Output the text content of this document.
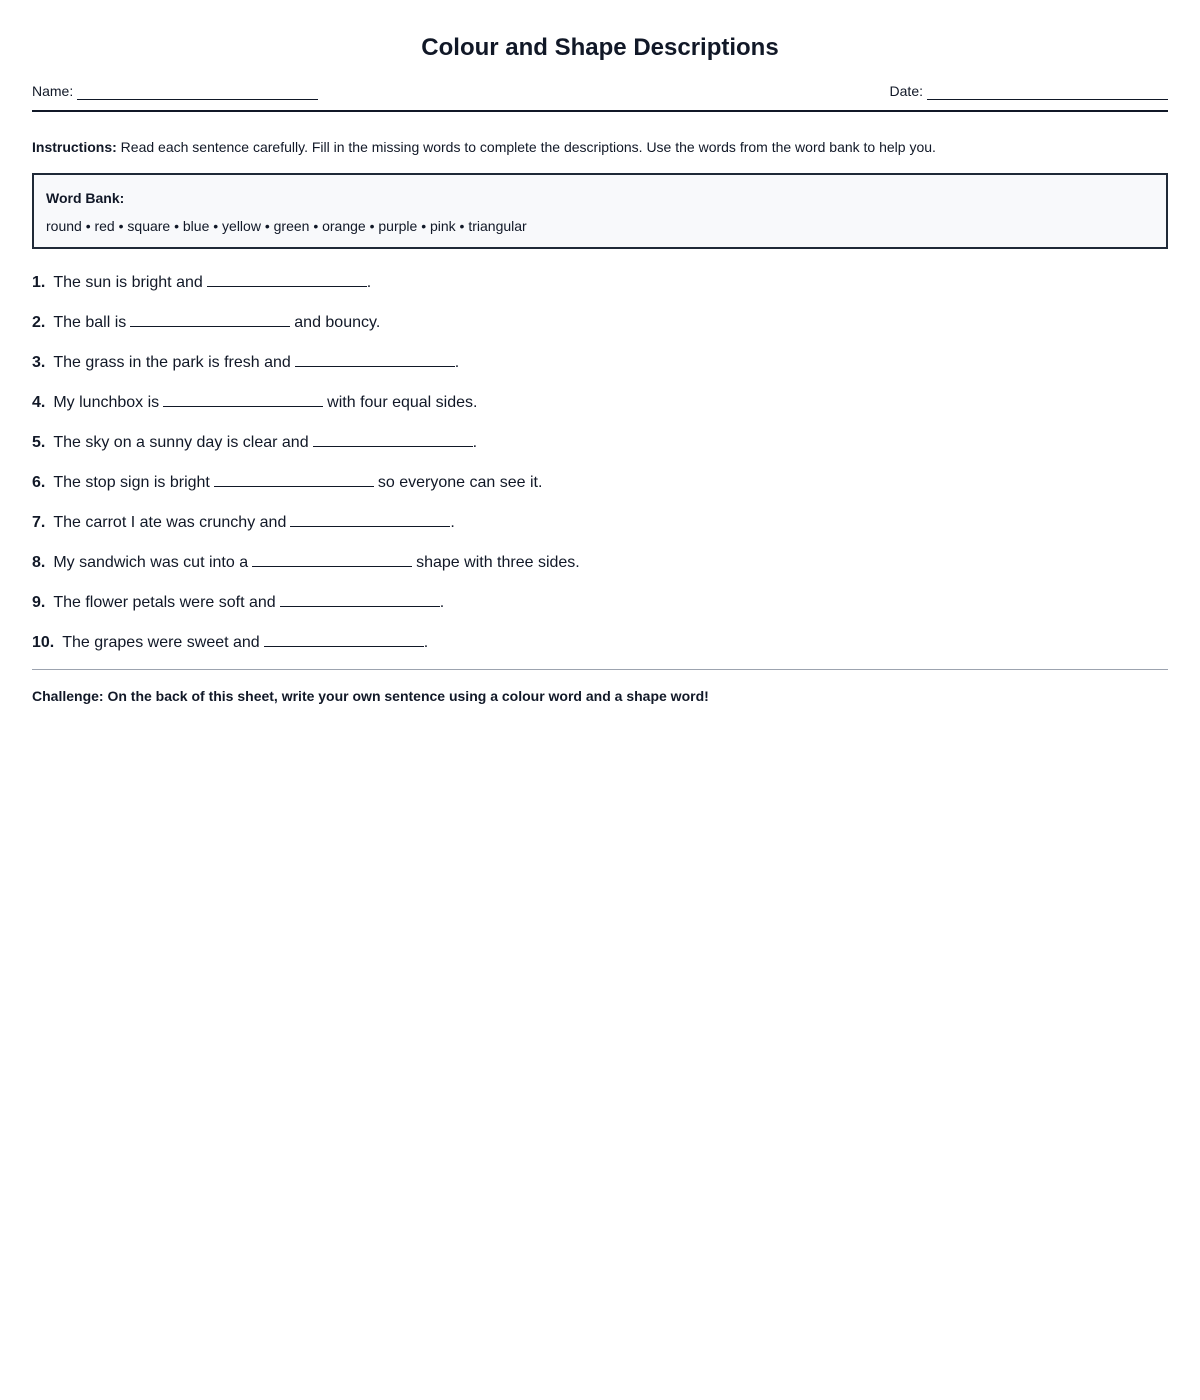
Colour and Shape Descriptions
Name:	Date:
Instructions: Read each sentence carefully. Fill in the missing words to complete the descriptions. Use the words from the word bank to help you.
Word Bank:
round • red • square • blue • yellow • green • orange • purple • pink • triangular
1. The sun is bright and	.
2. The ball is	and bouncy.
3. The grass in the park is fresh and	.
4. My lunchbox is	with four equal sides.
5. The sky on a sunny day is clear and	.
6. The stop sign is bright	so everyone can see it.
7. The carrot I ate was crunchy and	.
8. My sandwich was cut into a	shape with three sides.
9. The flower petals were soft and	.
10. The grapes were sweet and	.
Challenge: On the back of this sheet, write your own sentence using a colour word and a shape word!
